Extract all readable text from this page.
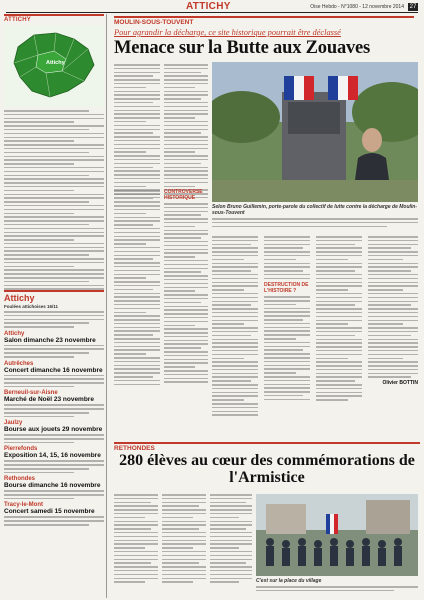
ATTICHY	Oise Hebdo - N°1080 - 12 novembre 2014 27
ATTICHY
Attichy
Attichy
Foulées attichoises 16/11
Attichy
Salon dimanche 23 novembre
Autrêches
Concert dimanche 16 novembre
Berneuil-sur-Aisne
Marché de Noël 23 novembre
Jaulzy
Bourse aux jouets 29 novembre
Pierrefonds
Exposition 14, 15, 16 novembre
Rethondes
Bourse dimanche 16 novembre
Tracy-le-Mont
Concert samedi 15 novembre
MOULIN-SOUS-TOUVENT
Pour agrandir la décharge, ce site historique pourrait être déclassé
Menace sur la Butte aux Zouaves
Selon Bruno Guillemin, porte-parole du collectif de lutte contre la décharge de Moulin-sous-Touvent
CONTROVERSE HISTORIQUE
DESTRUCTION DE L'HISTOIRE ?
Olivier BOTTIN
RETHONDES
280 élèves au cœur des commémorations de l'Armistice
C'est sur la place du village
